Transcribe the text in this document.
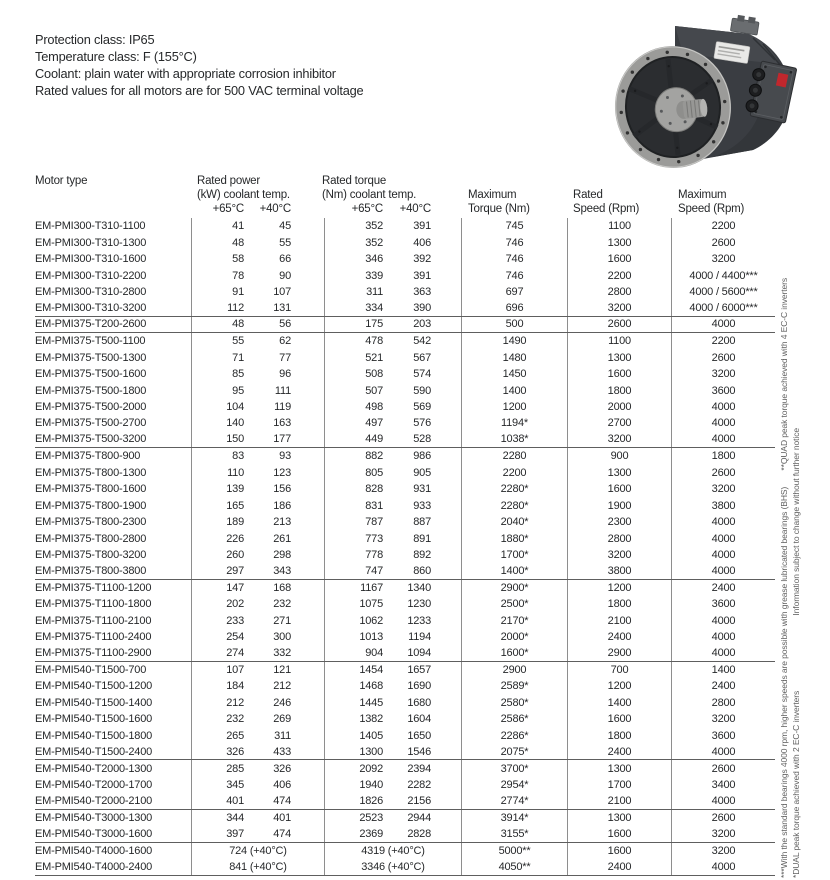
Protection class: IP65
Temperature class: F (155°C)
Coolant: plain water with appropriate corrosion inhibitor
Rated values for all motors are for 500 VAC terminal voltage
Motor type	Rated power
(kW) coolant temp.
+65°C	+40°C
Rated torque
(Nm) coolant temp.
+65°C	+40°C
Maximum
Torque (Nm)
Rated
Speed (Rpm)
Maximum
Speed (Rpm)
EM-PMI300-T310-1100	41	45	352	391	745	1100	2200
EM-PMI300-T310-1300	48	55	352	406	746	1300	2600
EM-PMI300-T310-1600	58	66	346	392	746	1600	3200
EM-PMI300-T310-2200	78	90	339	391	746	2200	4000 / 4400***
EM-PMI300-T310-2800	91	107	311	363	697	2800	4000 / 5600***
EM-PMI300-T310-3200	112	131	334	390	696	3200	4000 / 6000***
EM-PMI375-T200-2600	48	56	175	203	500	2600	4000
EM-PMI375-T500-1100	55	62	478	542	1490	1100	2200
EM-PMI375-T500-1300	71	77	521	567	1480	1300	2600
EM-PMI375-T500-1600	85	96	508	574	1450	1600	3200
EM-PMI375-T500-1800	95	111	507	590	1400	1800	3600
EM-PMI375-T500-2000	104	119	498	569	1200	2000	4000
EM-PMI375-T500-2700	140	163	497	576	1194*	2700	4000
EM-PMI375-T500-3200	150	177	449	528	1038*	3200	4000
EM-PMI375-T800-900	83	93	882	986	2280	900	1800
EM-PMI375-T800-1300	110	123	805	905	2200	1300	2600
EM-PMI375-T800-1600	139	156	828	931	2280*	1600	3200
EM-PMI375-T800-1900	165	186	831	933	2280*	1900	3800
EM-PMI375-T800-2300	189	213	787	887	2040*	2300	4000
EM-PMI375-T800-2800	226	261	773	891	1880*	2800	4000
EM-PMI375-T800-3200	260	298	778	892	1700*	3200	4000
EM-PMI375-T800-3800	297	343	747	860	1400*	3800	4000
EM-PMI375-T1100-1200	147	168	1167	1340	2900*	1200	2400
EM-PMI375-T1100-1800	202	232	1075	1230	2500*	1800	3600
EM-PMI375-T1100-2100	233	271	1062	1233	2170*	2100	4000
EM-PMI375-T1100-2400	254	300	1013	1194	2000*	2400	4000
EM-PMI375-T1100-2900	274	332	904	1094	1600*	2900	4000
EM-PMI540-T1500-700	107	121	1454	1657	2900	700	1400
EM-PMI540-T1500-1200	184	212	1468	1690	2589*	1200	2400
EM-PMI540-T1500-1400	212	246	1445	1680	2580*	1400	2800
EM-PMI540-T1500-1600	232	269	1382	1604	2586*	1600	3200
EM-PMI540-T1500-1800	265	311	1405	1650	2286*	1800	3600
EM-PMI540-T1500-2400	326	433	1300	1546	2075*	2400	4000
EM-PMI540-T2000-1300	285	326	2092	2394	3700*	1300	2600
EM-PMI540-T2000-1700	345	406	1940	2282	2954*	1700	3400
EM-PMI540-T2000-2100	401	474	1826	2156	2774*	2100	4000
EM-PMI540-T3000-1300	344	401	2523	2944	3914*	1300	2600
EM-PMI540-T3000-1600	397	474	2369	2828	3155*	1600	3200
EM-PMI540-T4000-1600	724 (+40°C)	4319 (+40°C)	5000**	1600	3200
EM-PMI540-T4000-2400	841 (+40°C)	3346 (+40°C)	4050**	2400	4000	***With the standard bearings 4000 rpm, higher speeds are possible with grease lubricated bearings (BHS)
**QUAD peak torque achieved with 4 EC-C inverters
*DUAL peak torque achieved with 2 EC-C inverters
Information subject to change without further notice
